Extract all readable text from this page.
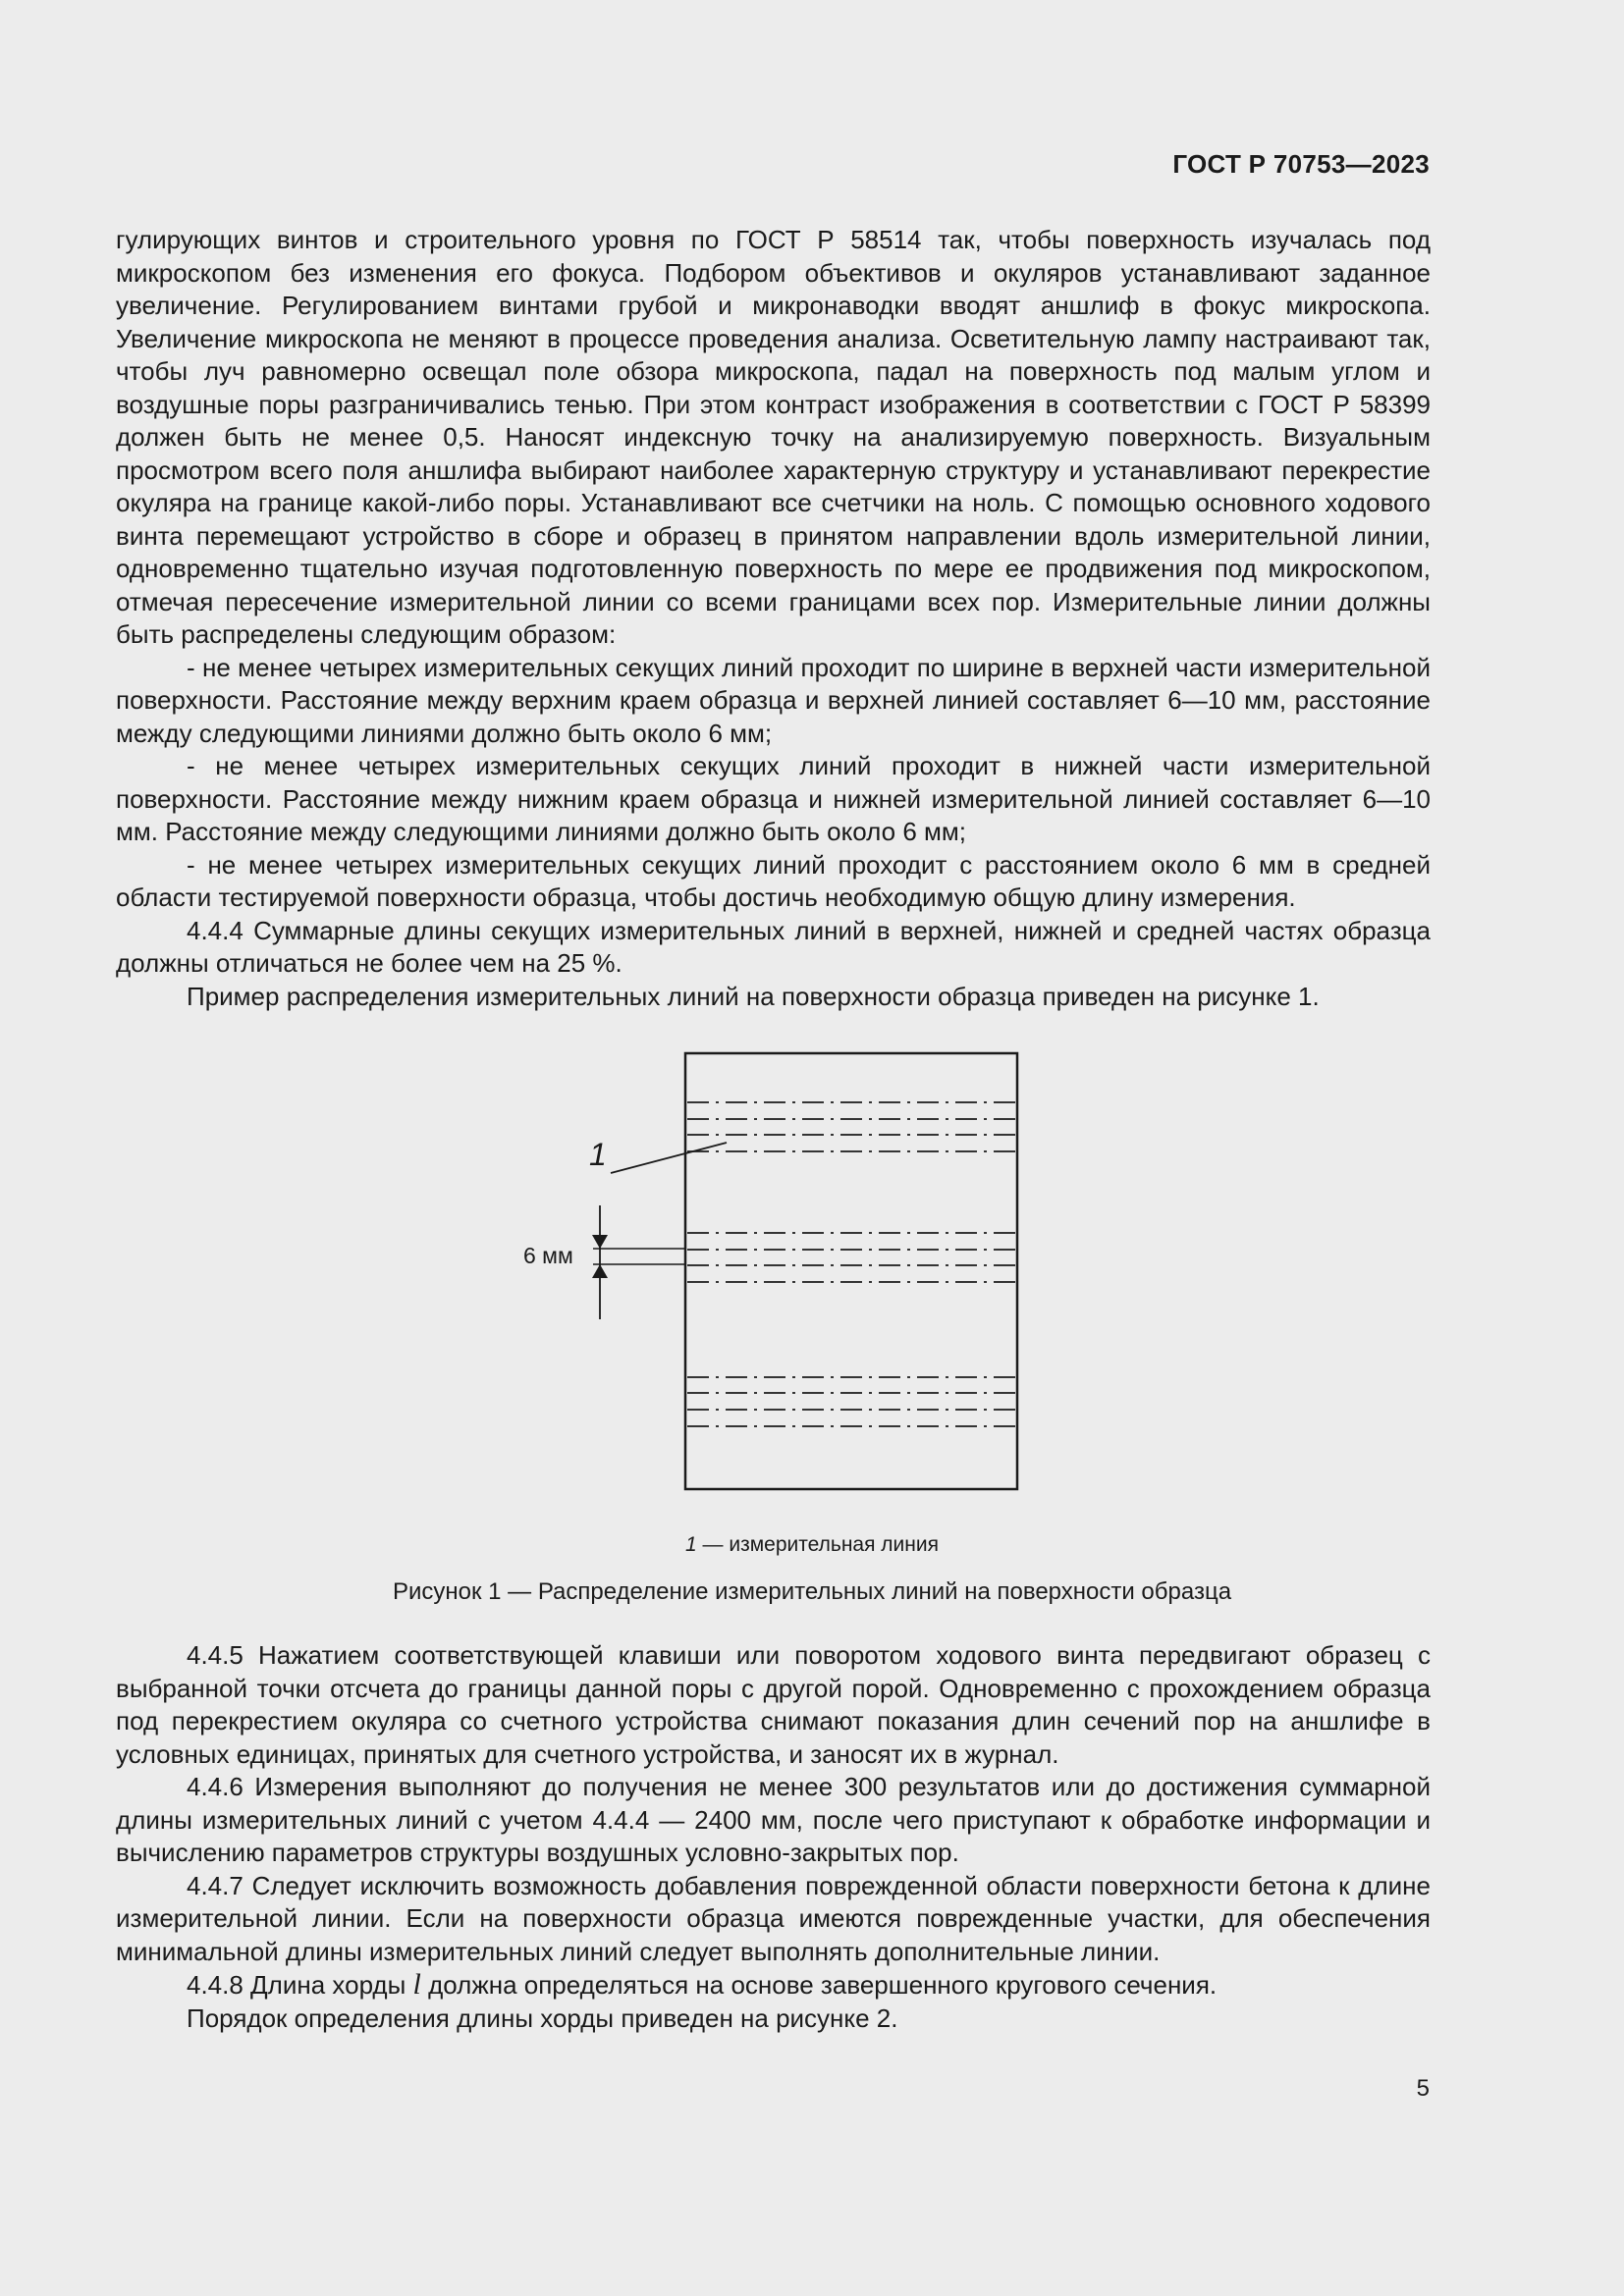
ГОСТ Р 70753—2023

гулирующих винтов и строительного уровня по ГОСТ Р 58514 так, чтобы поверхность изучалась под микроскопом без изменения его фокуса. Подбором объективов и окуляров устанавливают заданное увеличение. Регулированием винтами грубой и микронаводки вводят аншлиф в фокус микроскопа. Увеличение микроскопа не меняют в процессе проведения анализа. Осветительную лампу настраивают так, чтобы луч равномерно освещал поле обзора микроскопа, падал на поверхность под малым углом и воздушные поры разграничивались тенью. При этом контраст изображения в соответствии с ГОСТ Р 58399 должен быть не менее 0,5. Наносят индексную точку на анализируемую поверхность. Визуальным просмотром всего поля аншлифа выбирают наиболее характерную структуру и устанавливают перекрестие окуляра на границе какой-либо поры. Устанавливают все счетчики на ноль. С помощью основного ходового винта перемещают устройство в сборе и образец в принятом направлении вдоль измерительной линии, одновременно тщательно изучая подготовленную поверхность по мере ее продвижения под микроскопом, отмечая пересечение измерительной линии со всеми границами всех пор. Измерительные линии должны быть распределены следующим образом:

- не менее четырех измерительных секущих линий проходит по ширине в верхней части измерительной поверхности. Расстояние между верхним краем образца и верхней линией составляет 6—10 мм, расстояние между следующими линиями должно быть около 6 мм;

- не менее четырех измерительных секущих линий проходит в нижней части измерительной поверхности. Расстояние между нижним краем образца и нижней измерительной линией составляет 6—10 мм. Расстояние между следующими линиями должно быть около 6 мм;

- не менее четырех измерительных секущих линий проходит с расстоянием около 6 мм в средней области тестируемой поверхности образца, чтобы достичь необходимую общую длину измерения.

4.4.4 Суммарные длины секущих измерительных линий в верхней, нижней и средней частях образца должны отличаться не более чем на 25 %.

Пример распределения измерительных линий на поверхности образца приведен на рисунке 1.

1
6 мм
1 — измерительная линия
Рисунок 1 — Распределение измерительных линий на поверхности образца

4.4.5 Нажатием соответствующей клавиши или поворотом ходового винта передвигают образец с выбранной точки отсчета до границы данной поры с другой порой. Одновременно с прохождением образца под перекрестием окуляра со счетного устройства снимают показания длин сечений пор на аншлифе в условных единицах, принятых для счетного устройства, и заносят их в журнал.

4.4.6 Измерения выполняют до получения не менее 300 результатов или до достижения суммарной длины измерительных линий с учетом 4.4.4 — 2400 мм, после чего приступают к обработке информации и вычислению параметров структуры воздушных условно-закрытых пор.

4.4.7 Следует исключить возможность добавления поврежденной области поверхности бетона к длине измерительной линии. Если на поверхности образца имеются поврежденные участки, для обеспечения минимальной длины измерительных линий следует выполнять дополнительные линии.

4.4.8 Длина хорды l должна определяться на основе завершенного кругового сечения.

Порядок определения длины хорды приведен на рисунке 2.

5
